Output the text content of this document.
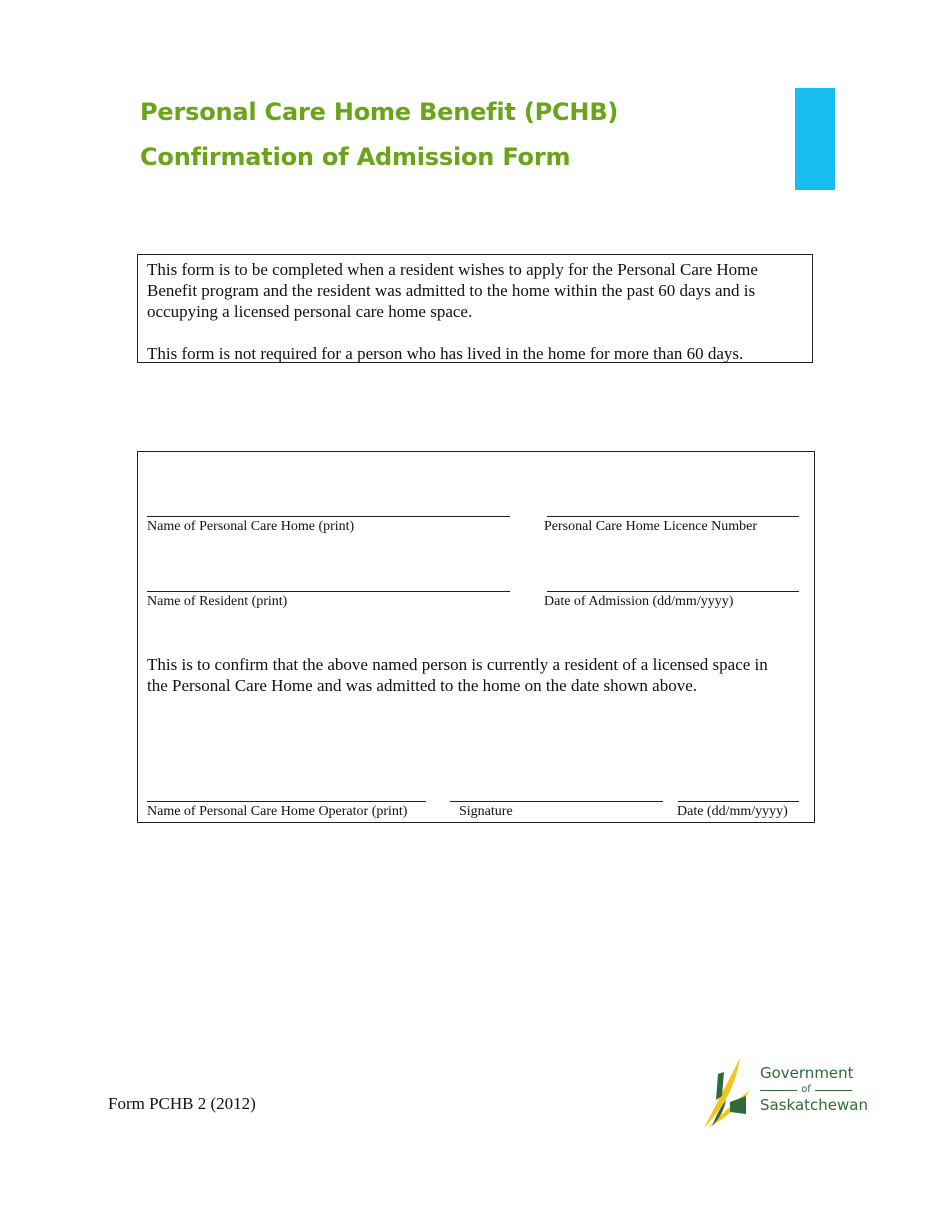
Personal Care Home Benefit (PCHB)
Confirmation of Admission Form

This form is to be completed when a resident wishes to apply for the Personal Care Home Benefit program and the resident was admitted to the home within the past 60 days and is occupying a licensed personal care home space.

This form is not required for a person who has lived in the home for more than 60 days.

Name of Personal Care Home (print)	Personal Care Home Licence Number
Name of Resident (print)	Date of Admission (dd/mm/yyyy)

This is to confirm that the above named person is currently a resident of a licensed space in the Personal Care Home and was admitted to the home on the date shown above.

Name of Personal Care Home Operator (print)	Signature	Date (dd/mm/yyyy)
Form PCHB 2 (2012)
Government
of
Saskatchewan
